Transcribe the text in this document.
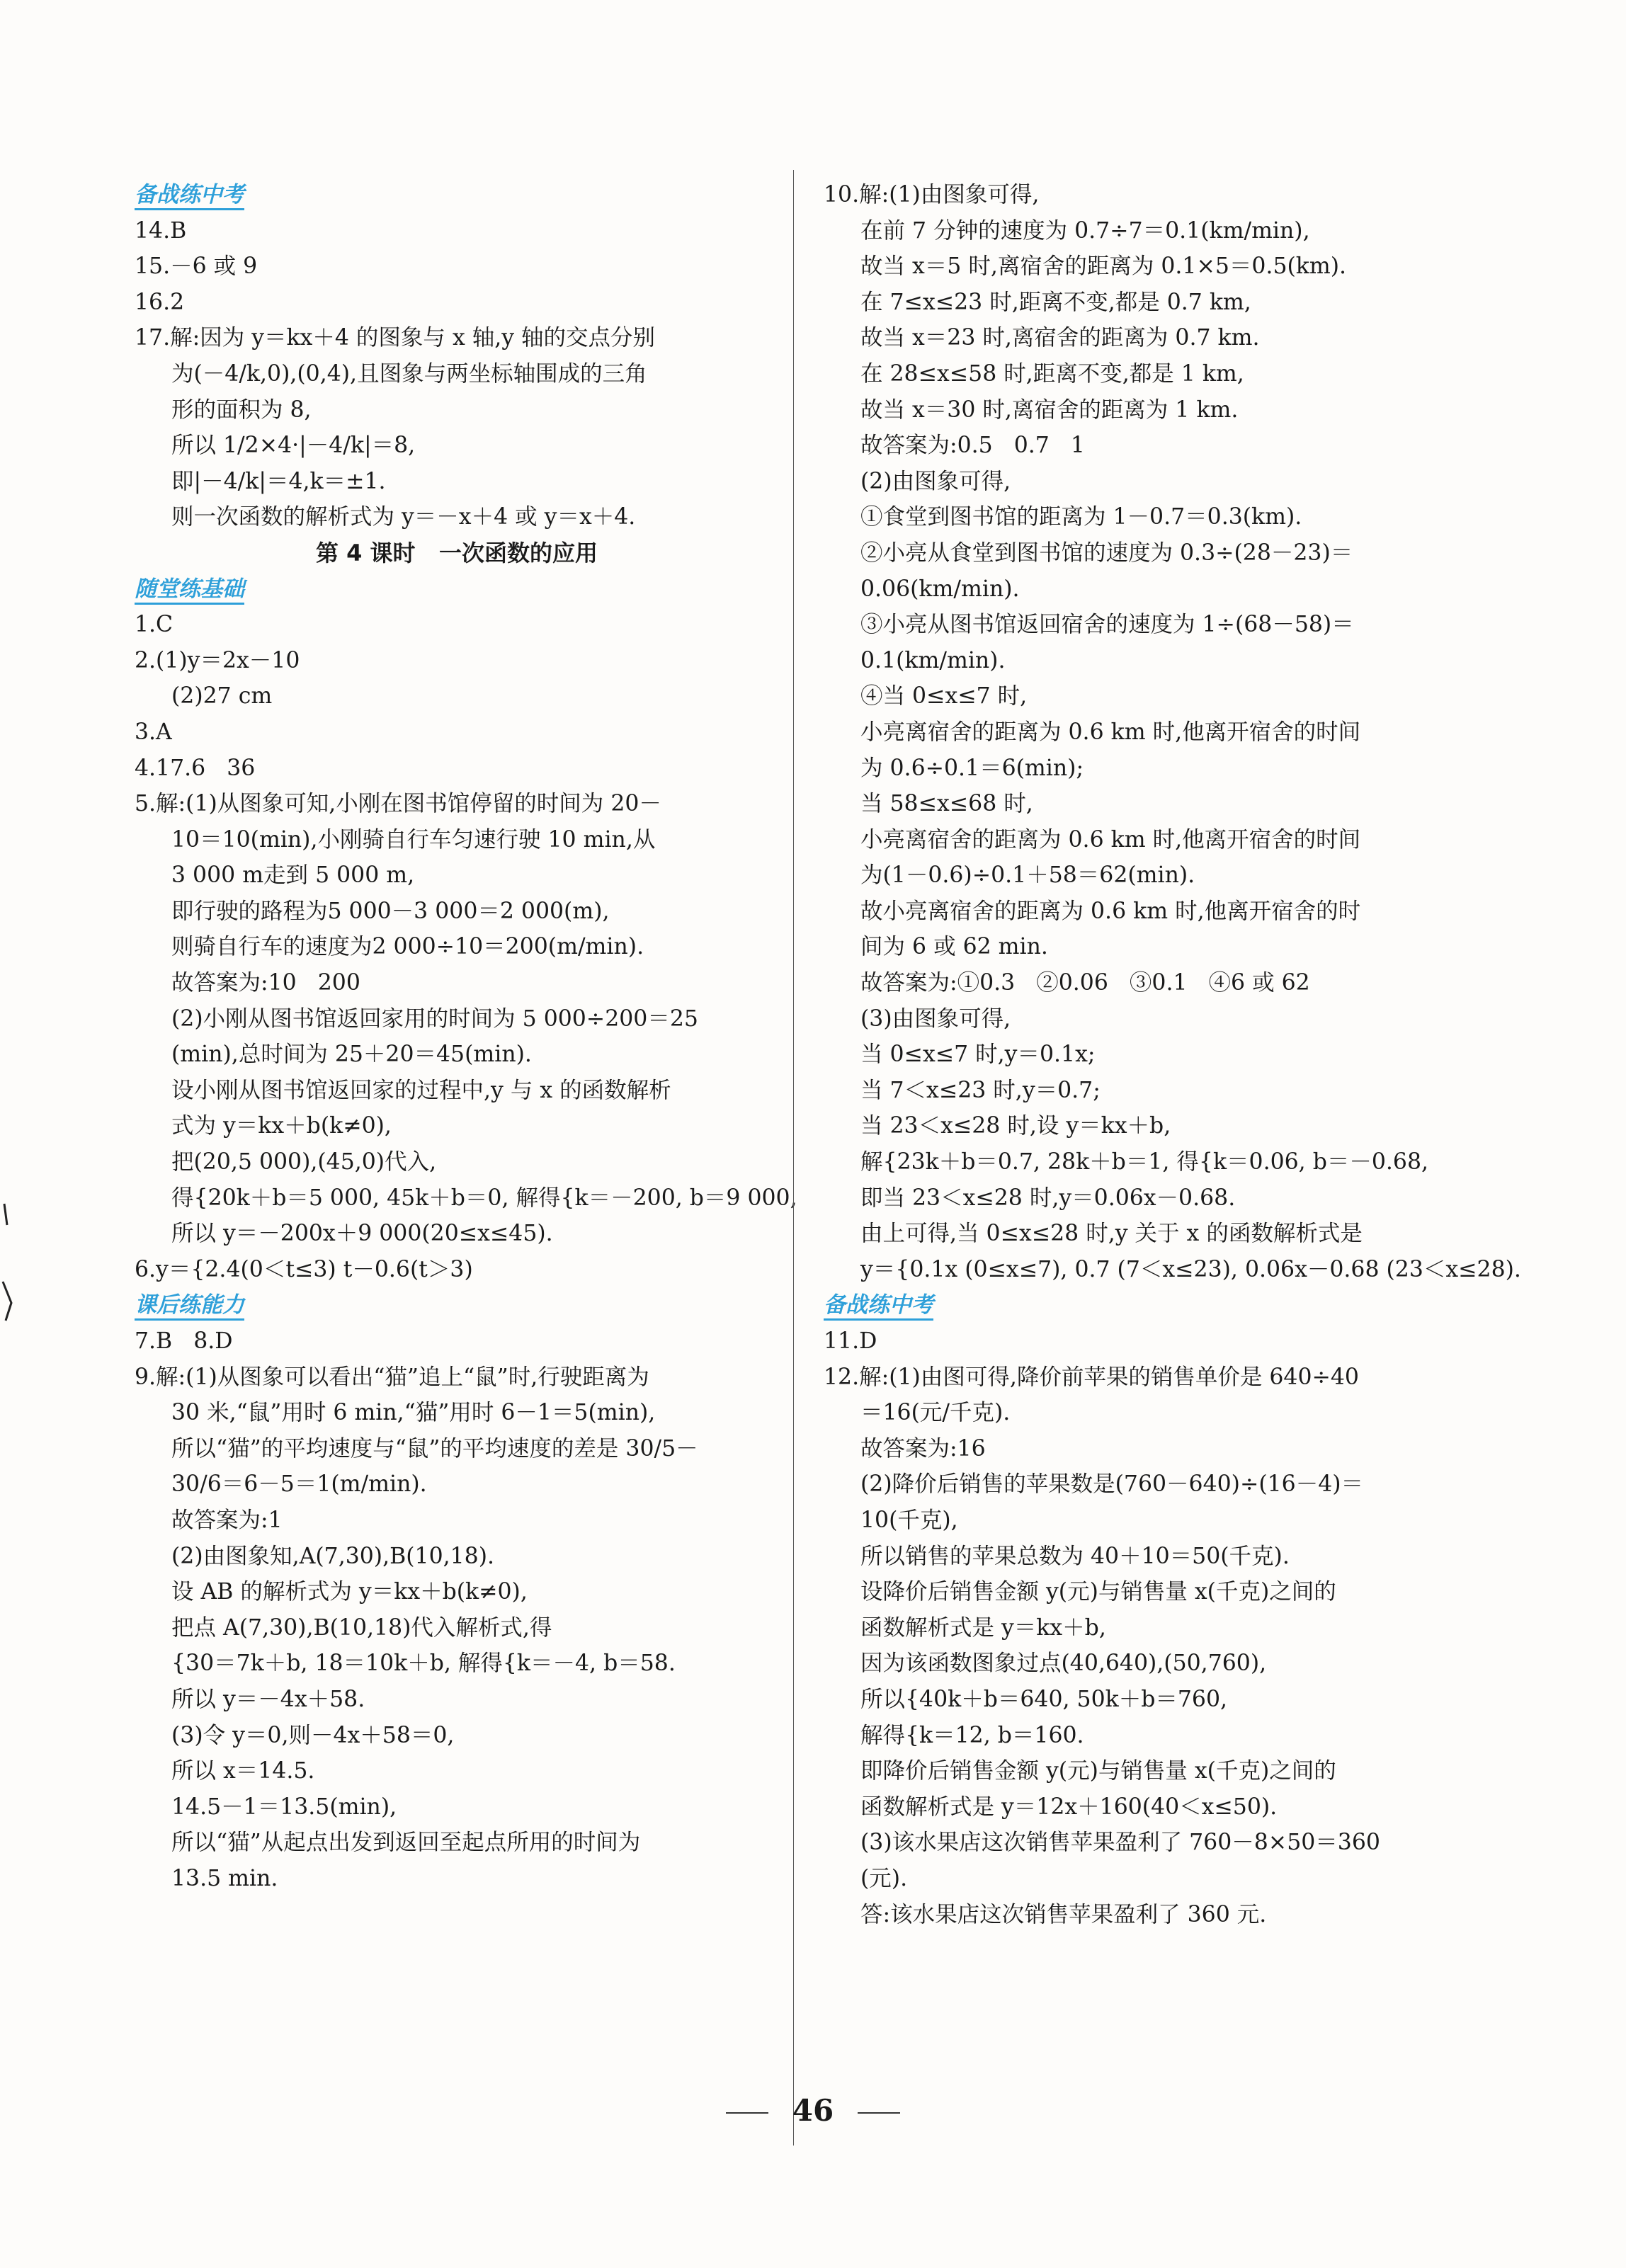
备战练中考
14.B
15.－6 或 9
16.2
17.解:因为 y＝kx＋4 的图象与 x 轴,y 轴的交点分别
为(－4/k,0),(0,4),且图象与两坐标轴围成的三角
形的面积为 8,
所以 1/2×4·|－4/k|＝8,
即|－4/k|＝4,k＝±1.
则一次函数的解析式为 y＝－x＋4 或 y＝x＋4.
第 4 课时   一次函数的应用
随堂练基础
1.C
2.(1)y＝2x－10
(2)27 cm
3.A
4.17.6   36
5.解:(1)从图象可知,小刚在图书馆停留的时间为 20－
10＝10(min),小刚骑自行车匀速行驶 10 min,从
3 000 m走到 5 000 m,
即行驶的路程为5 000－3 000＝2 000(m),
则骑自行车的速度为2 000÷10＝200(m/min).
故答案为:10   200
(2)小刚从图书馆返回家用的时间为 5 000÷200＝25
(min),总时间为 25＋20＝45(min).
设小刚从图书馆返回家的过程中,y 与 x 的函数解析
式为 y＝kx＋b(k≠0),
把(20,5 000),(45,0)代入,
得{20k＋b＝5 000, 45k＋b＝0, 解得{k＝－200, b＝9 000,
所以 y＝－200x＋9 000(20≤x≤45).
6.y＝{2.4(0＜t≤3) t－0.6(t＞3)
课后练能力
7.B   8.D
9.解:(1)从图象可以看出“猫”追上“鼠”时,行驶距离为
30 米,“鼠”用时 6 min,“猫”用时 6－1＝5(min),
所以“猫”的平均速度与“鼠”的平均速度的差是 30/5－
30/6＝6－5＝1(m/min).
故答案为:1
(2)由图象知,A(7,30),B(10,18).
设 AB 的解析式为 y＝kx＋b(k≠0),
把点 A(7,30),B(10,18)代入解析式,得
{30＝7k＋b, 18＝10k＋b, 解得{k＝－4, b＝58.
所以 y＝－4x＋58.
(3)令 y＝0,则－4x＋58＝0,
所以 x＝14.5.
14.5－1＝13.5(min),
所以“猫”从起点出发到返回至起点所用的时间为
13.5 min.
10.解:(1)由图象可得,
在前 7 分钟的速度为 0.7÷7＝0.1(km/min),
故当 x＝5 时,离宿舍的距离为 0.1×5＝0.5(km).
在 7≤x≤23 时,距离不变,都是 0.7 km,
故当 x＝23 时,离宿舍的距离为 0.7 km.
在 28≤x≤58 时,距离不变,都是 1 km,
故当 x＝30 时,离宿舍的距离为 1 km.
故答案为:0.5   0.7   1
(2)由图象可得,
①食堂到图书馆的距离为 1－0.7＝0.3(km).
②小亮从食堂到图书馆的速度为 0.3÷(28－23)＝
0.06(km/min).
③小亮从图书馆返回宿舍的速度为 1÷(68－58)＝
0.1(km/min).
④当 0≤x≤7 时,
小亮离宿舍的距离为 0.6 km 时,他离开宿舍的时间
为 0.6÷0.1＝6(min);
当 58≤x≤68 时,
小亮离宿舍的距离为 0.6 km 时,他离开宿舍的时间
为(1－0.6)÷0.1＋58＝62(min).
故小亮离宿舍的距离为 0.6 km 时,他离开宿舍的时
间为 6 或 62 min.
故答案为:①0.3   ②0.06   ③0.1   ④6 或 62
(3)由图象可得,
当 0≤x≤7 时,y＝0.1x;
当 7＜x≤23 时,y＝0.7;
当 23＜x≤28 时,设 y＝kx＋b,
解{23k＋b＝0.7, 28k＋b＝1, 得{k＝0.06, b＝－0.68,
即当 23＜x≤28 时,y＝0.06x－0.68.
由上可得,当 0≤x≤28 时,y 关于 x 的函数解析式是
y＝{0.1x (0≤x≤7), 0.7 (7＜x≤23), 0.06x－0.68 (23＜x≤28).
备战练中考
11.D
12.解:(1)由图可得,降价前苹果的销售单价是 640÷40
＝16(元/千克).
故答案为:16
(2)降价后销售的苹果数是(760－640)÷(16－4)＝
10(千克),
所以销售的苹果总数为 40＋10＝50(千克).
设降价后销售金额 y(元)与销售量 x(千克)之间的
函数解析式是 y＝kx＋b,
因为该函数图象过点(40,640),(50,760),
所以{40k＋b＝640, 50k＋b＝760,
解得{k＝12, b＝160.
即降价后销售金额 y(元)与销售量 x(千克)之间的
函数解析式是 y＝12x＋160(40＜x≤50).
(3)该水果店这次销售苹果盈利了 760－8×50＝360
(元).
答:该水果店这次销售苹果盈利了 360 元.
46
